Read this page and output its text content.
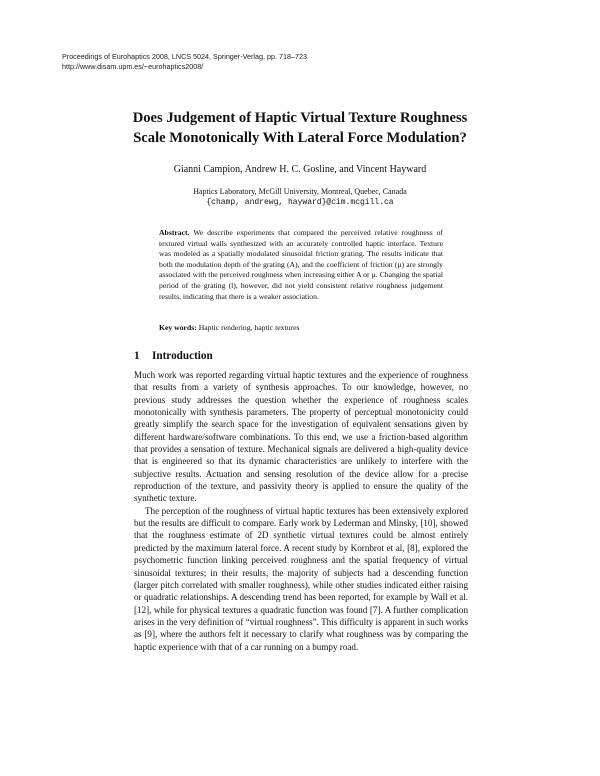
Proceedings of Eurohaptics 2008, LNCS 5024, Springer-Verlag, pp. 718–723.
http://www.disam.upm.es/~eurohaptics2008/
Does Judgement of Haptic Virtual Texture Roughness
Scale Monotonically With Lateral Force Modulation?
Gianni Campion, Andrew H. C. Gosline, and Vincent Hayward
Haptics Laboratory, McGill University, Montreal, Quebec, Canada
{champ, andrewg, hayward}@cim.mcgill.ca
Abstract. We describe experiments that compared the perceived relative roughness of textured virtual walls synthesized with an accurately controlled haptic interface. Texture was modeled as a spatially modulated sinusoidal friction grating. The results indicate that both the modulation depth of the grating (A), and the coefficient of friction (μ) are strongly associated with the perceived roughness when increasing either A or μ. Changing the spatial period of the grating (l), however, did not yield consistent relative roughness judgement results, indicating that there is a weaker association.
Key words: Haptic rendering, haptic textures
1 Introduction

Much work was reported regarding virtual haptic textures and the experience of roughness that results from a variety of synthesis approaches. To our knowledge, however, no previous study addresses the question whether the experience of roughness scales monotonically with synthesis parameters. The property of perceptual monotonicity could greatly simplify the search space for the investigation of equivalent sensations given by different hardware/software combinations. To this end, we use a friction-based algorithm that provides a sensation of texture. Mechanical signals are delivered a high-quality device that is engineered so that its dynamic characteristics are unlikely to interfere with the subjective results. Actuation and sensing resolution of the device allow for a precise reproduction of the texture, and passivity theory is applied to ensure the quality of the synthetic texture.

The perception of the roughness of virtual haptic textures has been extensively explored but the results are difficult to compare. Early work by Lederman and Minsky, [10], showed that the roughness estimate of 2D synthetic virtual textures could be almost entirely predicted by the maximum lateral force. A recent study by Kornbrot et al, [8], explored the psychometric function linking perceived roughness and the spatial frequency of virtual sinusoidal textures; in their results, the majority of subjects had a descending function (larger pitch correlated with smaller roughness), while other studies indicated either raising or quadratic relationships. A descending trend has been reported, for example by Wall et al. [12], while for physical textures a quadratic function was found [7]. A further complication arises in the very definition of “virtual roughness”. This difficulty is apparent in such works as [9], where the authors felt it necessary to clarify what roughness was by comparing the haptic experience with that of a car running on a bumpy road.
